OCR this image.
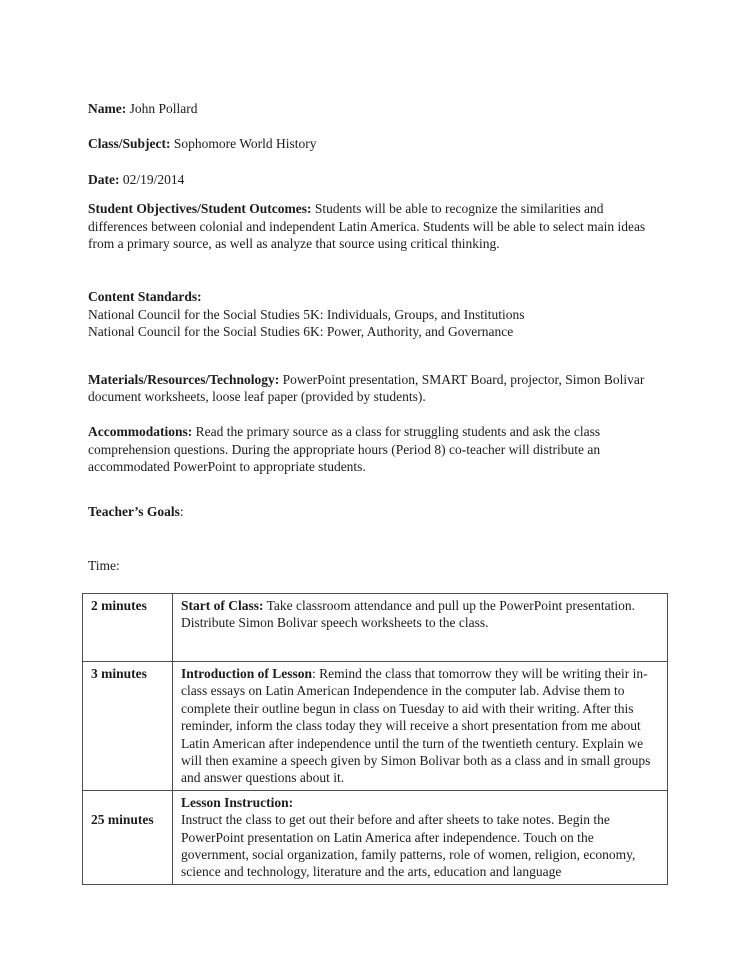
Name: John Pollard

Class/Subject: Sophomore World History

Date: 02/19/2014

Student Objectives/Student Outcomes: Students will be able to recognize the similarities and differences between colonial and independent Latin America. Students will be able to select main ideas from a primary source, as well as analyze that source using critical thinking.

Content Standards:

National Council for the Social Studies 5K: Individuals, Groups, and Institutions

National Council for the Social Studies 6K: Power, Authority, and Governance

Materials/Resources/Technology: PowerPoint presentation, SMART Board, projector, Simon Bolivar document worksheets, loose leaf paper (provided by students).

Accommodations: Read the primary source as a class for struggling students and ask the class comprehension questions. During the appropriate hours (Period 8) co-teacher will distribute an accommodated PowerPoint to appropriate students.

Teacher’s Goals:

Time:

2 minutes	Start of Class: Take classroom attendance and pull up the PowerPoint presentation. Distribute Simon Bolivar speech worksheets to the class.

3 minutes	Introduction of Lesson: Remind the class that tomorrow they will be writing their in-class essays on Latin American Independence in the computer lab. Advise them to complete their outline begun in class on Tuesday to aid with their writing. After this reminder, inform the class today they will receive a short presentation from me about Latin American after independence until the turn of the twentieth century. Explain we will then examine a speech given by Simon Bolivar both as a class and in small groups and answer questions about it.

25 minutes	Lesson Instruction:

Instruct the class to get out their before and after sheets to take notes. Begin the PowerPoint presentation on Latin America after independence. Touch on the government, social organization, family patterns, role of women, religion, economy, science and technology, literature and the arts, education and language
